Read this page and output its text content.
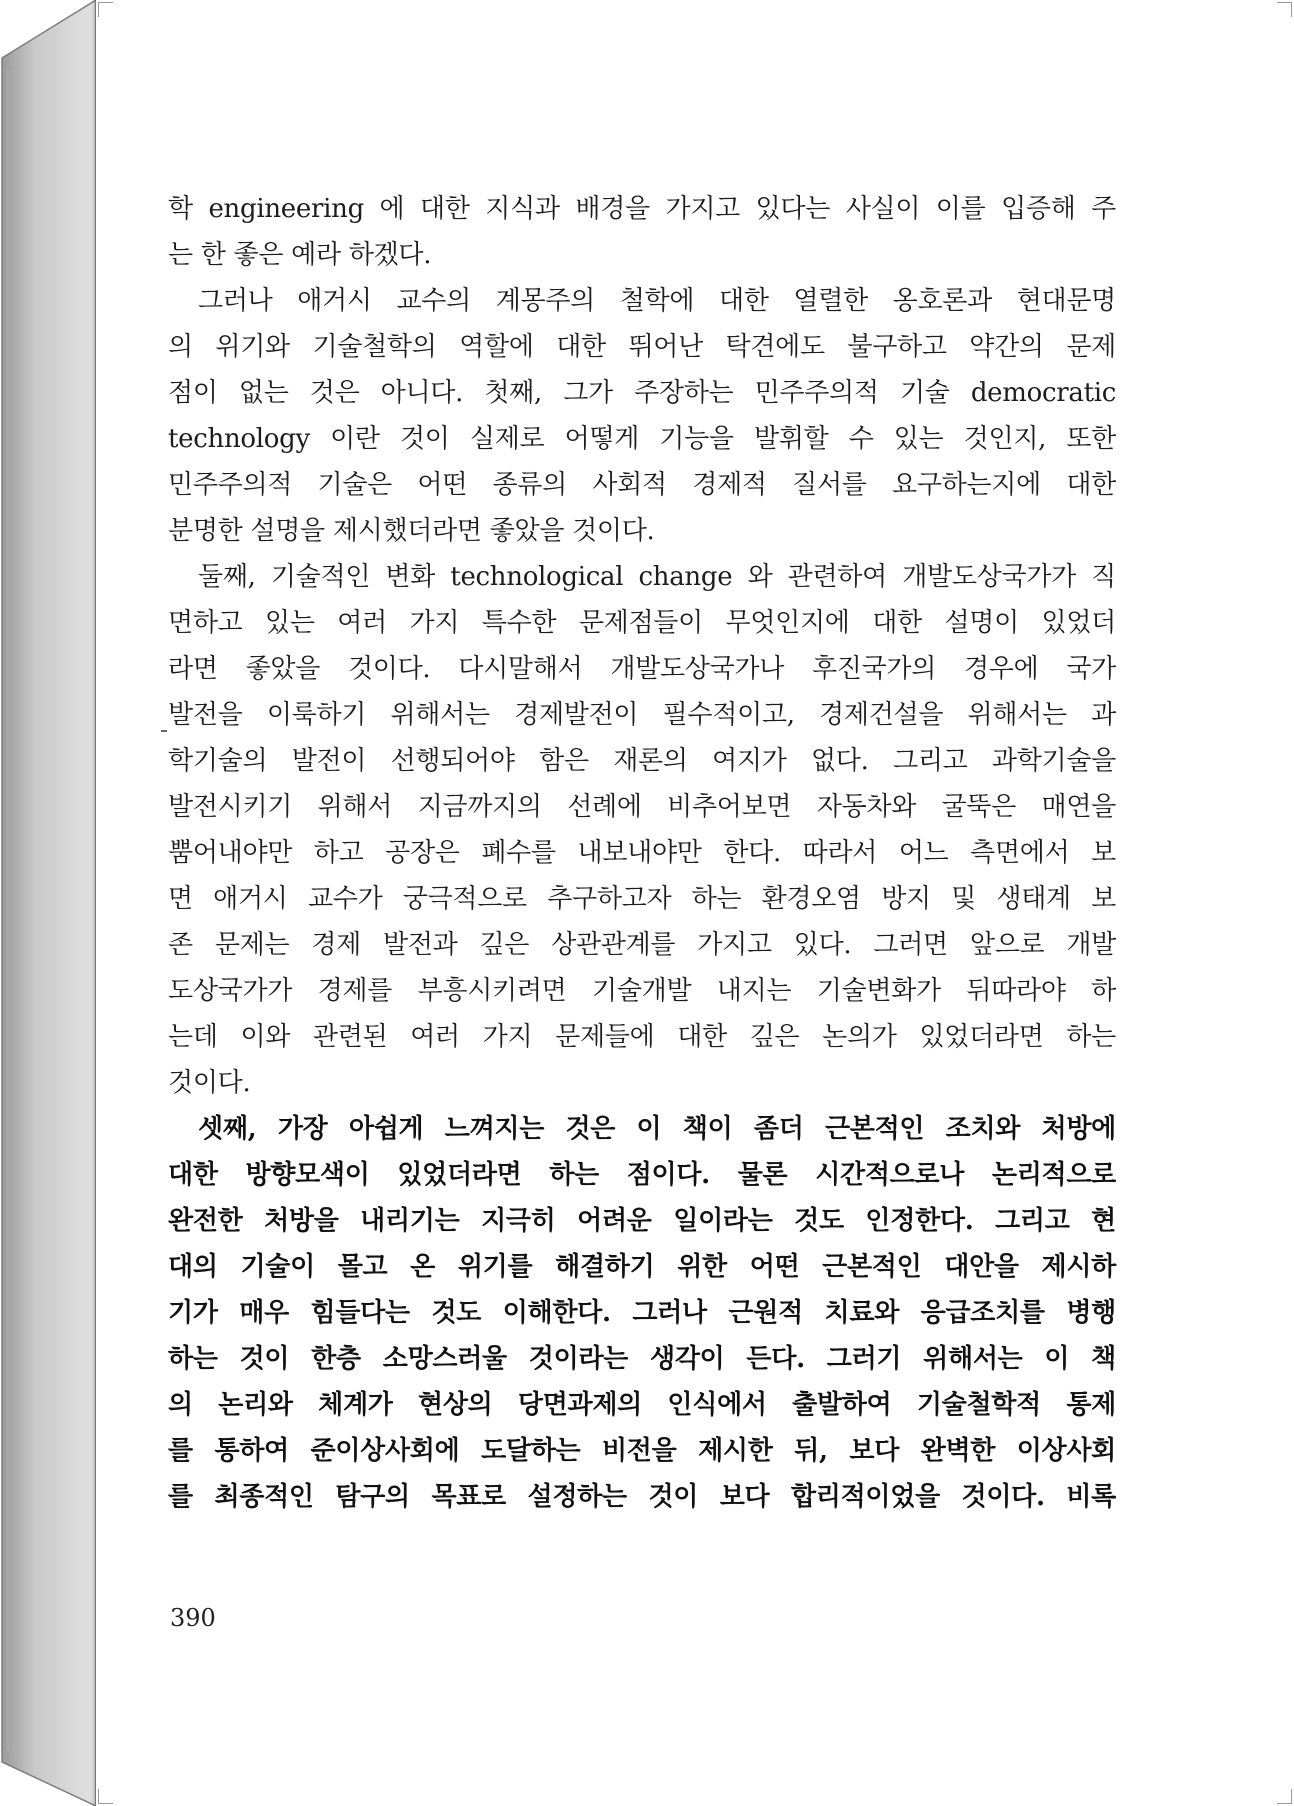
학 engineering 에 대한 지식과 배경을 가지고 있다는 사실이 이를 입증해 주
는 한 좋은 예라 하겠다.
그러나 애거시 교수의 계몽주의 철학에 대한 열렬한 옹호론과 현대문명
의 위기와 기술철학의 역할에 대한 뛰어난 탁견에도 불구하고 약간의 문제
점이 없는 것은 아니다. 첫째, 그가 주장하는 민주주의적 기술 democratic
technology 이란 것이 실제로 어떻게 기능을 발휘할 수 있는 것인지, 또한
민주주의적 기술은 어떤 종류의 사회적 경제적 질서를 요구하는지에 대한
분명한 설명을 제시했더라면 좋았을 것이다.
둘째, 기술적인 변화 technological change 와 관련하여 개발도상국가가 직
면하고 있는 여러 가지 특수한 문제점들이 무엇인지에 대한 설명이 있었더
라면 좋았을 것이다. 다시말해서 개발도상국가나 후진국가의 경우에 국가
발전을 이룩하기 위해서는 경제발전이 필수적이고, 경제건설을 위해서는 과
학기술의 발전이 선행되어야 함은 재론의 여지가 없다. 그리고 과학기술을
발전시키기 위해서 지금까지의 선례에 비추어보면 자동차와 굴뚝은 매연을
뿜어내야만 하고 공장은 폐수를 내보내야만 한다. 따라서 어느 측면에서 보
면 애거시 교수가 궁극적으로 추구하고자 하는 환경오염 방지 및 생태계 보
존 문제는 경제 발전과 깊은 상관관계를 가지고 있다. 그러면 앞으로 개발
도상국가가 경제를 부흥시키려면 기술개발 내지는 기술변화가 뒤따라야 하
는데 이와 관련된 여러 가지 문제들에 대한 깊은 논의가 있었더라면 하는
것이다.
셋째, 가장 아쉽게 느껴지는 것은 이 책이 좀더 근본적인 조치와 처방에
대한 방향모색이 있었더라면 하는 점이다. 물론 시간적으로나 논리적으로
완전한 처방을 내리기는 지극히 어려운 일이라는 것도 인정한다. 그리고 현
대의 기술이 몰고 온 위기를 해결하기 위한 어떤 근본적인 대안을 제시하
기가 매우 힘들다는 것도 이해한다. 그러나 근원적 치료와 응급조치를 병행
하는 것이 한층 소망스러울 것이라는 생각이 든다. 그러기 위해서는 이 책
의 논리와 체계가 현상의 당면과제의 인식에서 출발하여 기술철학적 통제
를 통하여 준이상사회에 도달하는 비전을 제시한 뒤, 보다 완벽한 이상사회
를 최종적인 탐구의 목표로 설정하는 것이 보다 합리적이었을 것이다. 비록
390
